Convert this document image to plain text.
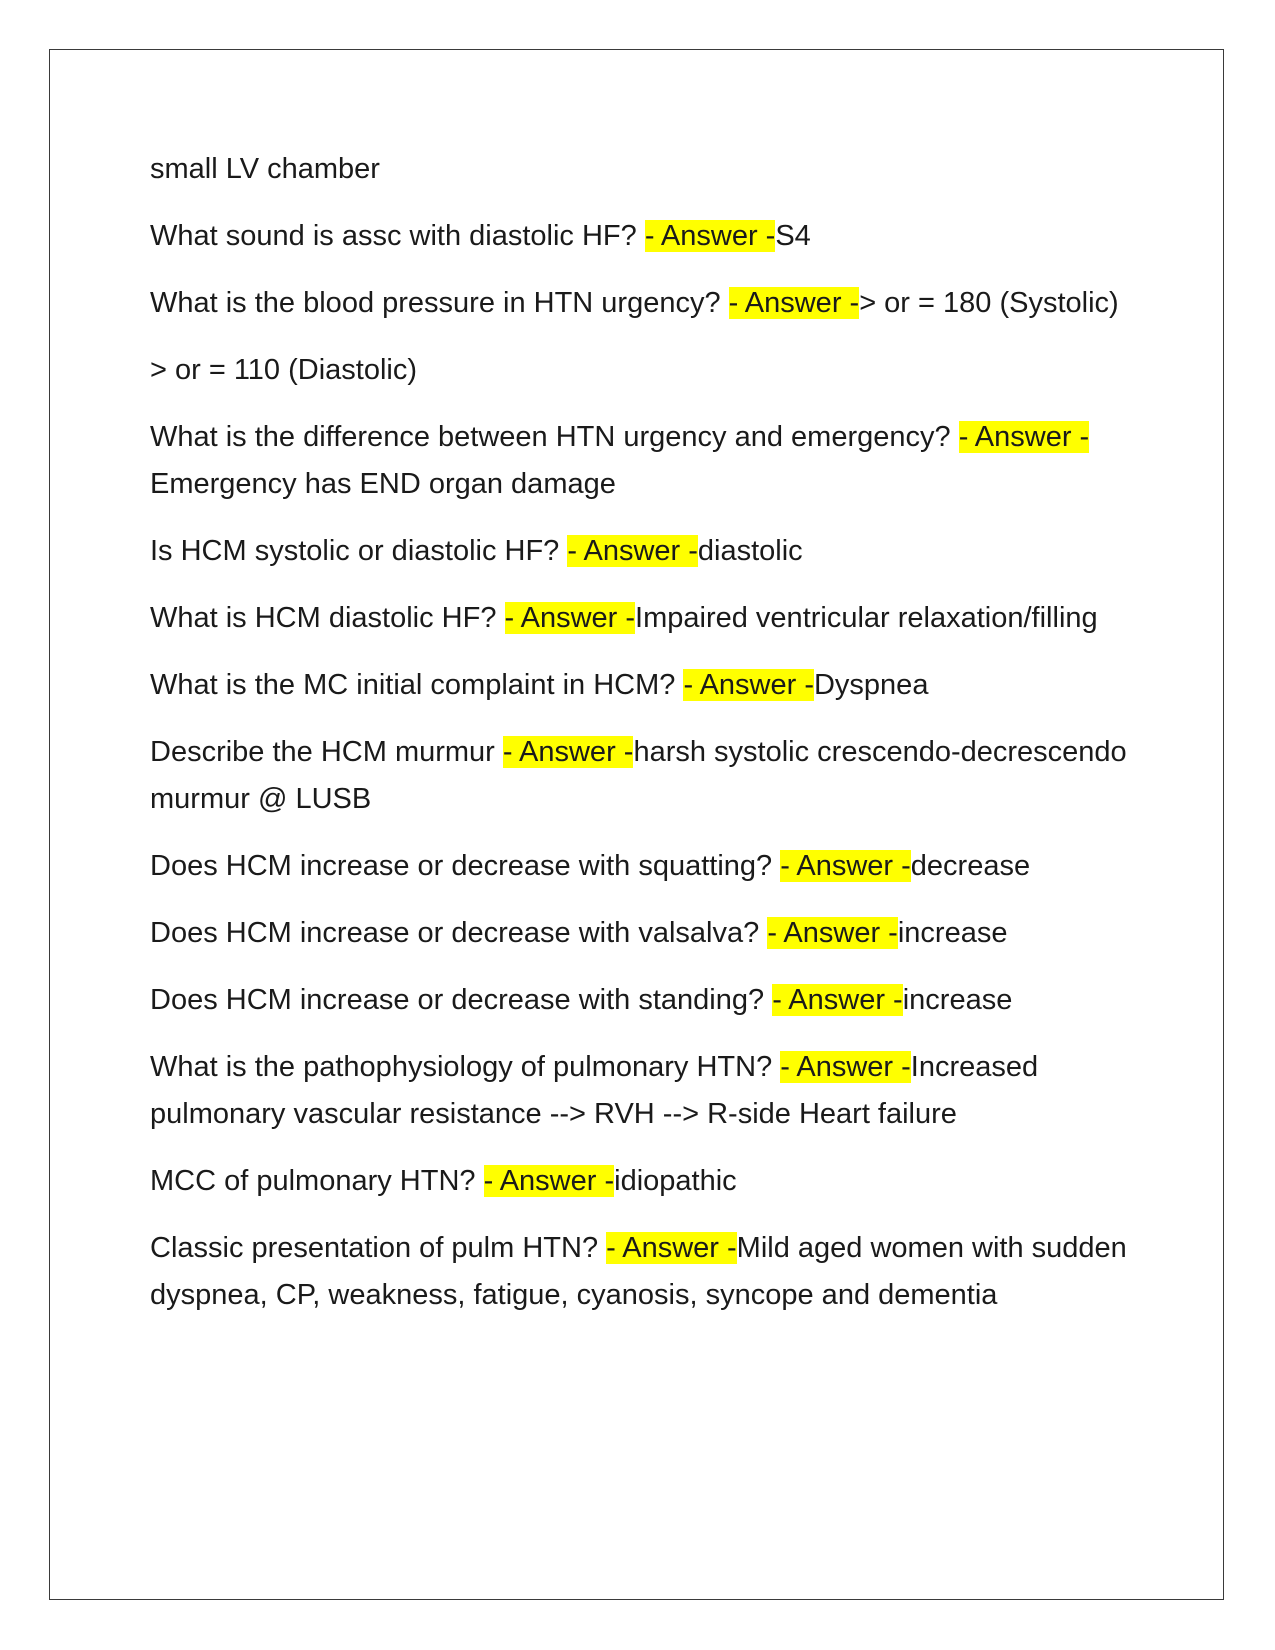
small LV chamber

What sound is assc with diastolic HF? - Answer -S4

What is the blood pressure in HTN urgency? - Answer -> or = 180 (Systolic)

> or = 110 (Diastolic)

What is the difference between HTN urgency and emergency? - Answer -Emergency has END organ damage

Is HCM systolic or diastolic HF? - Answer -diastolic

What is HCM diastolic HF? - Answer -Impaired ventricular relaxation/filling

What is the MC initial complaint in HCM? - Answer -Dyspnea

Describe the HCM murmur - Answer -harsh systolic crescendo-decrescendo murmur @ LUSB

Does HCM increase or decrease with squatting? - Answer -decrease

Does HCM increase or decrease with valsalva? - Answer -increase

Does HCM increase or decrease with standing? - Answer -increase

What is the pathophysiology of pulmonary HTN? - Answer -Increased pulmonary vascular resistance --> RVH --> R-side Heart failure

MCC of pulmonary HTN? - Answer -idiopathic

Classic presentation of pulm HTN? - Answer -Mild aged women with sudden dyspnea, CP, weakness, fatigue, cyanosis, syncope and dementia
